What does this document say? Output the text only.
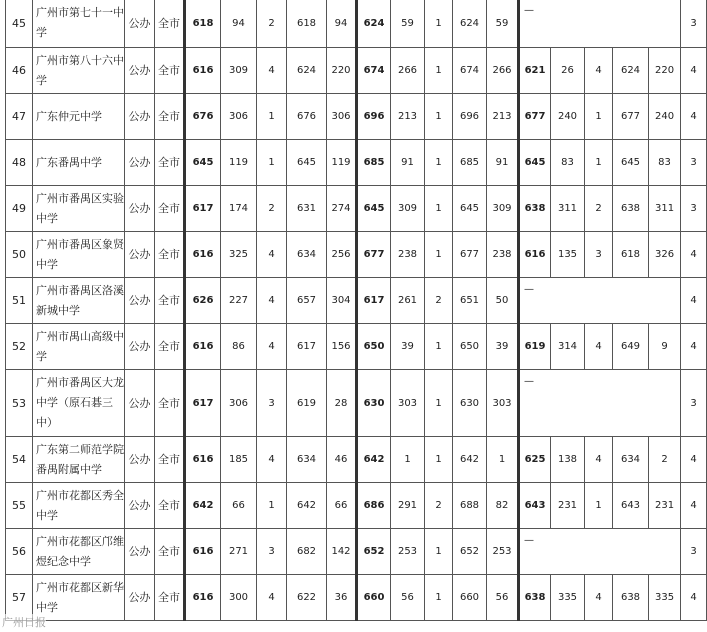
45	广州市第七十一中学	公办	全市	618	94	2	618	94	624	59	1	624	59	—					3
46	广州市第八十六中学	公办	全市	616	309	4	624	220	674	266	1	674	266	621	26	4	624	220	4
47	广东仲元中学	公办	全市	676	306	1	676	306	696	213	1	696	213	677	240	1	677	240	4
48	广东番禺中学	公办	全市	645	119	1	645	119	685	91	1	685	91	645	83	1	645	83	3
49	广州市番禺区实验中学	公办	全市	617	174	2	631	274	645	309	1	645	309	638	311	2	638	311	3
50	广州市番禺区象贤中学	公办	全市	616	325	4	634	256	677	238	1	677	238	616	135	3	618	326	4
51	广州市番禺区洛溪新城中学	公办	全市	626	227	4	657	304	617	261	2	651	50	—					4
52	广州市禺山高级中学	公办	全市	616	86	4	617	156	650	39	1	650	39	619	314	4	649	9	4
53	广州市番禺区大龙中学（原石碁三中）	公办	全市	617	306	3	619	28	630	303	1	630	303	—					3
54	广东第二师范学院番禺附属中学	公办	全市	616	185	4	634	46	642	1	1	642	1	625	138	4	634	2	4
55	广州市花都区秀全中学	公办	全市	642	66	1	642	66	686	291	2	688	82	643	231	1	643	231	4
56	广州市花都区邝维煜纪念中学	公办	全市	616	271	3	682	142	652	253	1	652	253	—					3
57	广州市花都区新华中学	公办	全市	616	300	4	622	36	660	56	1	660	56	638	335	4	638	335	4
广州日报
